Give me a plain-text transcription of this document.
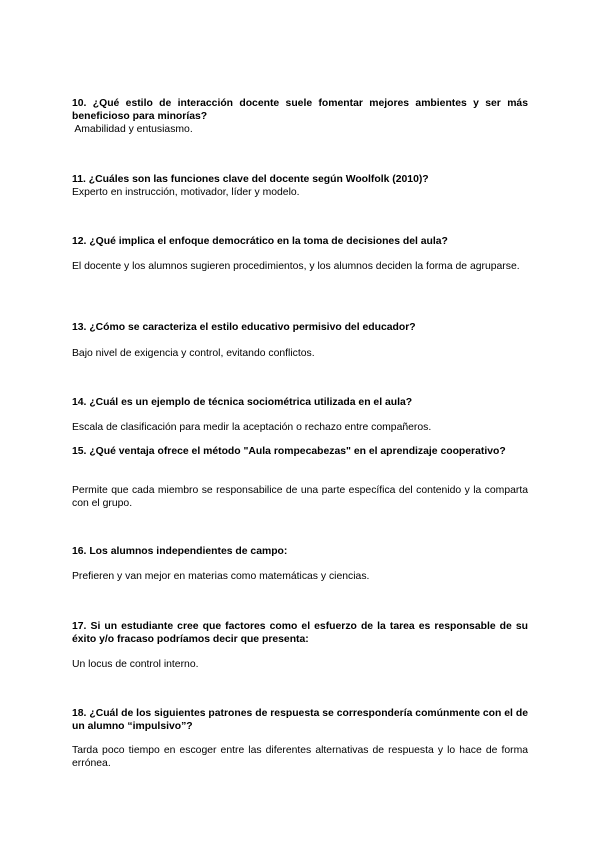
10. ¿Qué estilo de interacción docente suele fomentar mejores ambientes y ser más beneficioso para minorías?

Amabilidad y entusiasmo.

11. ¿Cuáles son las funciones clave del docente según Woolfolk (2010)?

Experto en instrucción, motivador, líder y modelo.

12. ¿Qué implica el enfoque democrático en la toma de decisiones del aula?

El docente y los alumnos sugieren procedimientos, y los alumnos deciden la forma de agruparse.

13. ¿Cómo se caracteriza el estilo educativo permisivo del educador?

Bajo nivel de exigencia y control, evitando conflictos.

14. ¿Cuál es un ejemplo de técnica sociométrica utilizada en el aula?

Escala de clasificación para medir la aceptación o rechazo entre compañeros.

15. ¿Qué ventaja ofrece el método "Aula rompecabezas" en el aprendizaje cooperativo?

Permite que cada miembro se responsabilice de una parte específica del contenido y la comparta con el grupo.

16. Los alumnos independientes de campo:

Prefieren y van mejor en materias como matemáticas y ciencias.

17. Si un estudiante cree que factores como el esfuerzo de la tarea es responsable de su éxito y/o fracaso podríamos decir que presenta:

Un locus de control interno.

18. ¿Cuál de los siguientes patrones de respuesta se correspondería comúnmente con el de un alumno “impulsivo”?

Tarda poco tiempo en escoger entre las diferentes alternativas de respuesta y lo hace de forma errónea.
